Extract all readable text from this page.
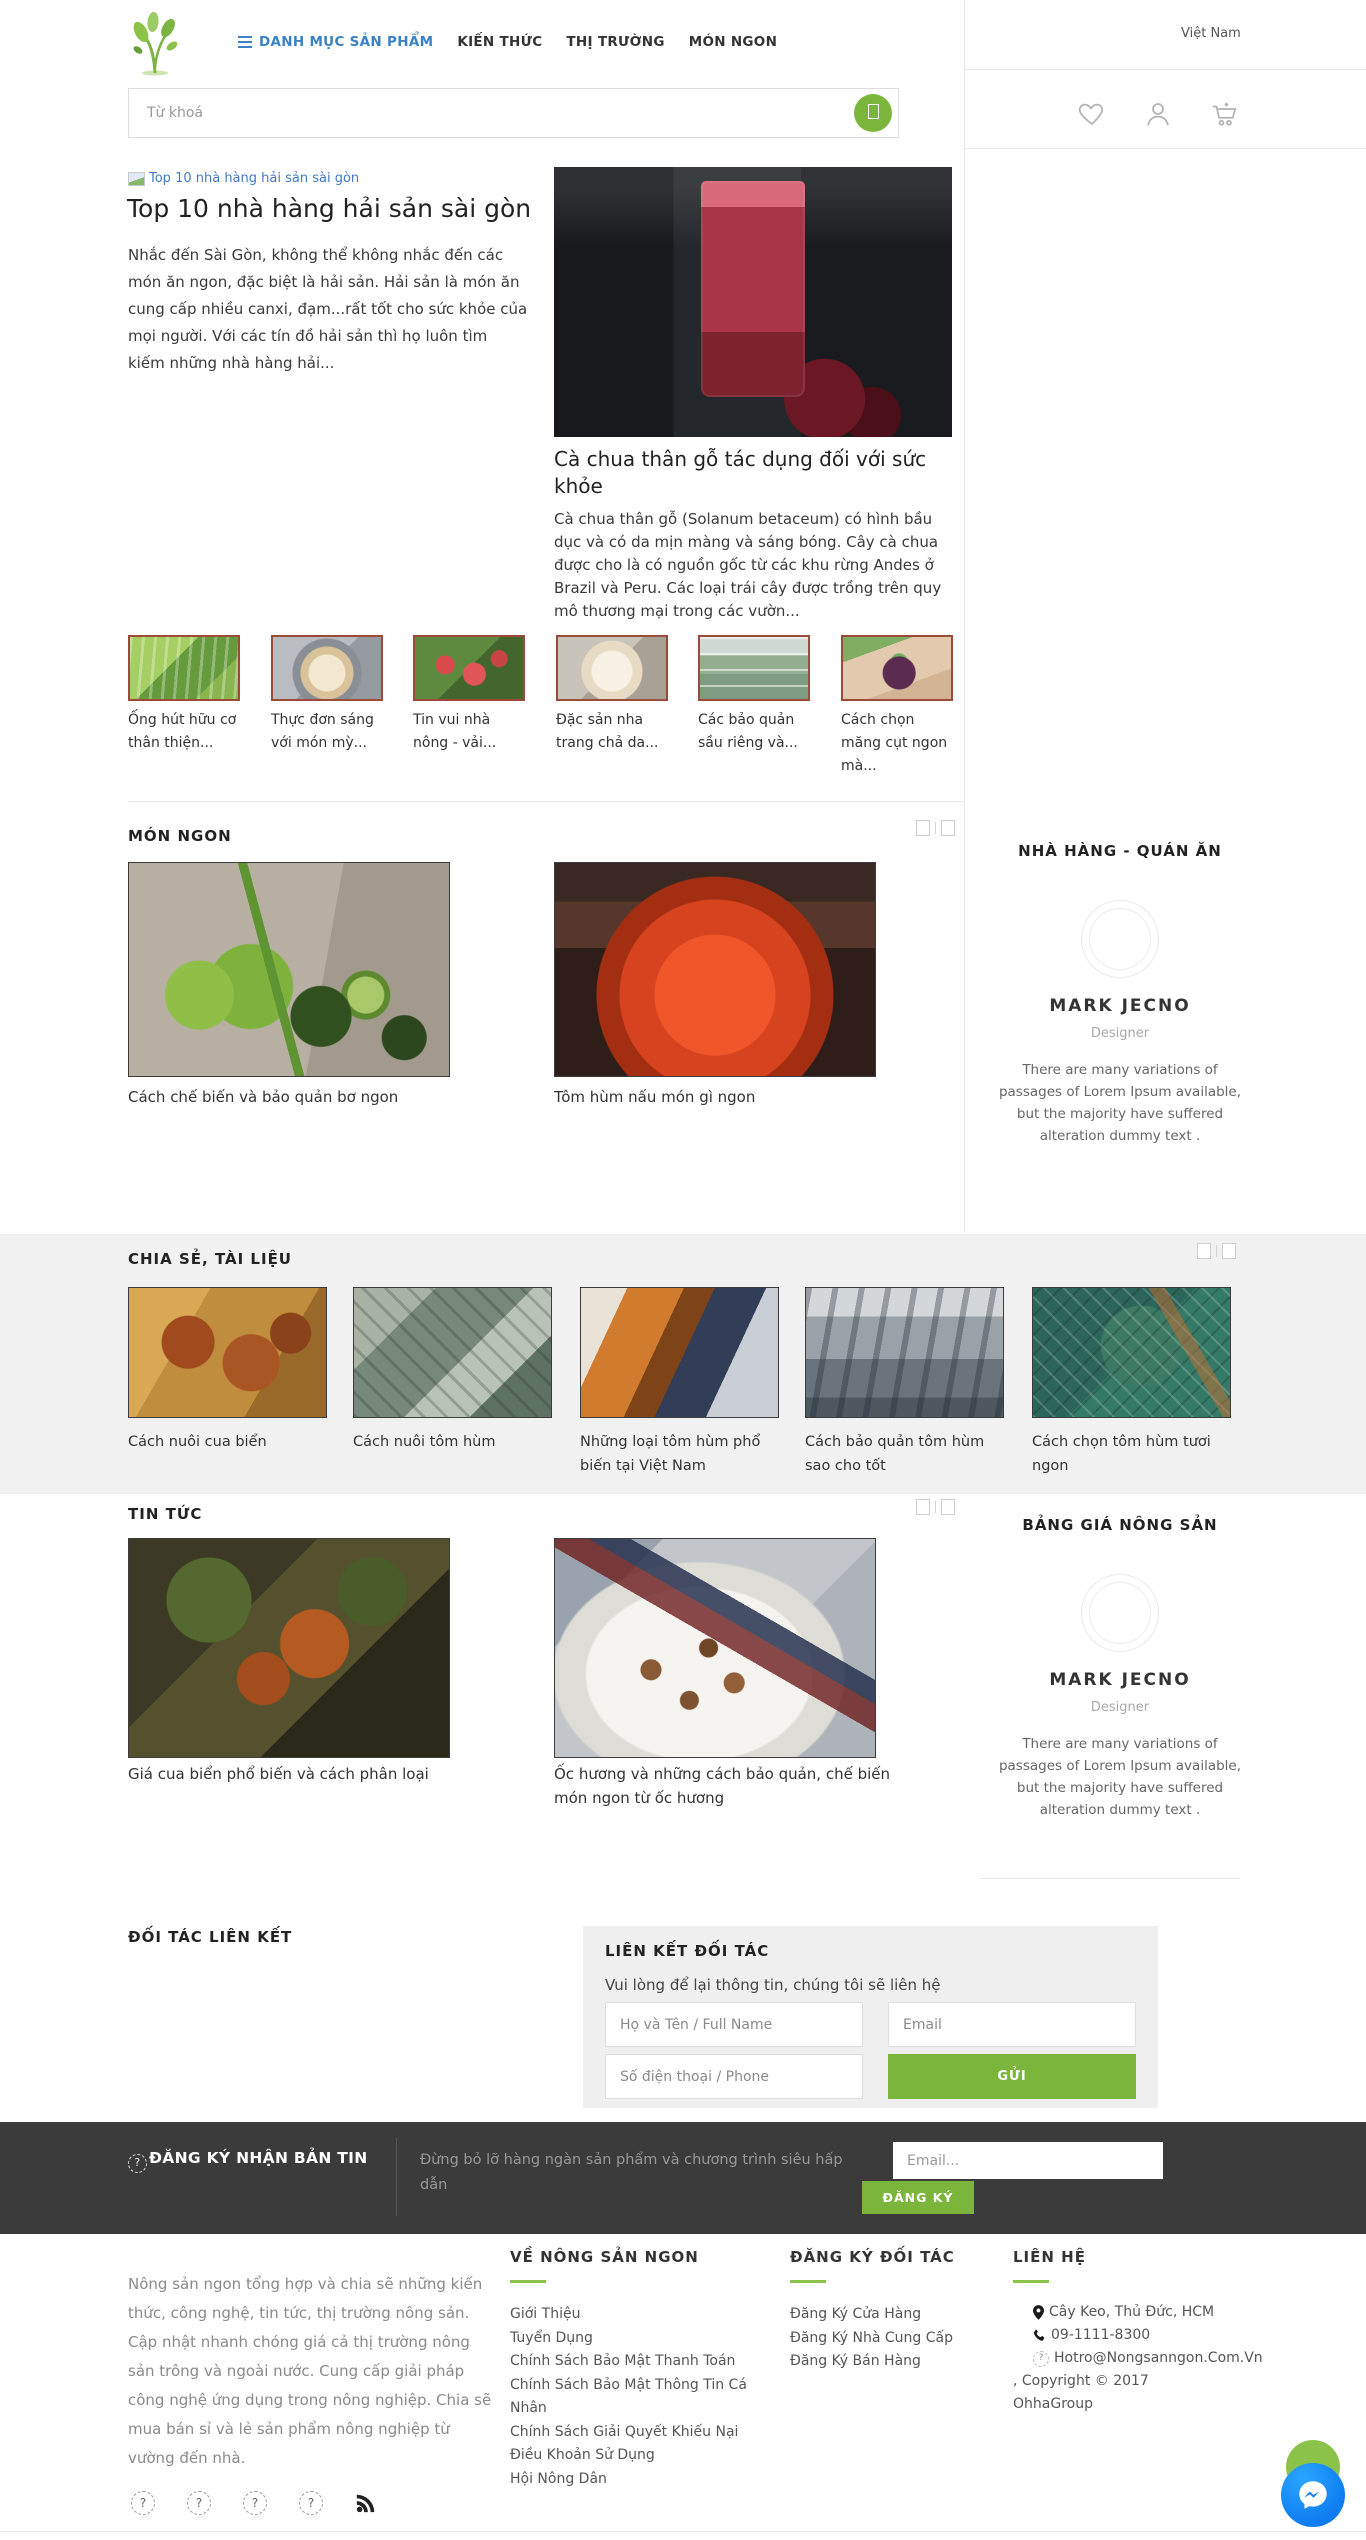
DANH MỤC SẢN PHẨM KIẾN THỨC THỊ TRƯỜNG MÓN NGON
Việt Nam
Từ khoá
Top 10 nhà hàng hải sản sài gòn
Top 10 nhà hàng hải sản sài gòn
Nhắc đến Sài Gòn, không thể không nhắc đến các món ăn ngon, đặc biệt là hải sản. Hải sản là món ăn cung cấp nhiều canxi, đạm...rất tốt cho sức khỏe của mọi người. Với các tín đồ hải sản thì họ luôn tìm kiếm những nhà hàng hải...
Cà chua thân gỗ tác dụng đối với sức khỏe
Cà chua thân gỗ (Solanum betaceum) có hình bầu dục và có da mịn màng và sáng bóng. Cây cà chua được cho là có nguồn gốc từ các khu rừng Andes ở Brazil và Peru. Các loại trái cây được trồng trên quy mô thương mại trong các vườn...
Ống hút hữu cơ thân thiện...
Thực đơn sáng với món mỳ...
Tin vui nhà nông - vải...
Đặc sản nha trang chả da...
Các bảo quản sầu riêng và...
Cách chọn măng cụt ngon mà...
MÓN NGON
Cách chế biến và bảo quản bơ ngon	Tôm hùm nấu món gì ngon
NHÀ HÀNG - QUÁN ĂN
MARK JECNO
Designer
There are many variations of passages of Lorem Ipsum available, but the majority have suffered alteration dummy text .
CHIA SẺ, TÀI LIỆU
Cách nuôi cua biển	Cách nuôi tôm hùm	Những loại tôm hùm phổ biến tại Việt Nam
Cách bảo quản tôm hùm sao cho tốt
Cách chọn tôm hùm tươi ngon
TIN TỨC
Giá cua biển phổ biến và cách phân loại	Ốc hương và những cách bảo quản, chế biến món ngon từ ốc hương
BẢNG GIÁ NÔNG SẢN
MARK JECNO
Designer
There are many variations of passages of Lorem Ipsum available, but the majority have suffered alteration dummy text .
ĐỐI TÁC LIÊN KẾT
LIÊN KẾT ĐỐI TÁC
Vui lòng để lại thông tin, chúng tôi sẽ liên hệ
Họ và Tên / Full Name
Email
Số điện thoại / Phone
GỬI
? ĐĂNG KÝ NHẬN BẢN TIN	Đừng bỏ lỡ hàng ngàn sản phẩm và chương trình siêu hấp dẫn
Email...
ĐĂNG KÝ
Nông sản ngon tổng hợp và chia sẽ những kiến thức, công nghệ, tin tức, thị trường nông sản. Cập nhật nhanh chóng giá cả thị trường nông sản trông và ngoài nước. Cung cấp giải pháp công nghệ ứng dụng trong nông nghiệp. Chia sẽ mua bán sỉ và lẻ sản phẩm nông nghiệp từ vường đến nhà.
?	?	?	?
VỀ NÔNG SẢN NGON
Giới Thiệu
Tuyển Dụng
Chính Sách Bảo Mật Thanh Toán
Chính Sách Bảo Mật Thông Tin Cá Nhân
Chính Sách Giải Quyết Khiếu Nại
Điều Khoản Sử Dụng
Hội Nông Dân
ĐĂNG KÝ ĐỐI TÁC
Đăng Ký Cửa Hàng
Đăng Ký Nhà Cung Cấp
Đăng Ký Bán Hàng
LIÊN HỆ
Cây Keo, Thủ Đức, HCM
09-1111-8300
? Hotro@Nongsanngon.Com.Vn
, Copyright © 2017 OhhaGroup
